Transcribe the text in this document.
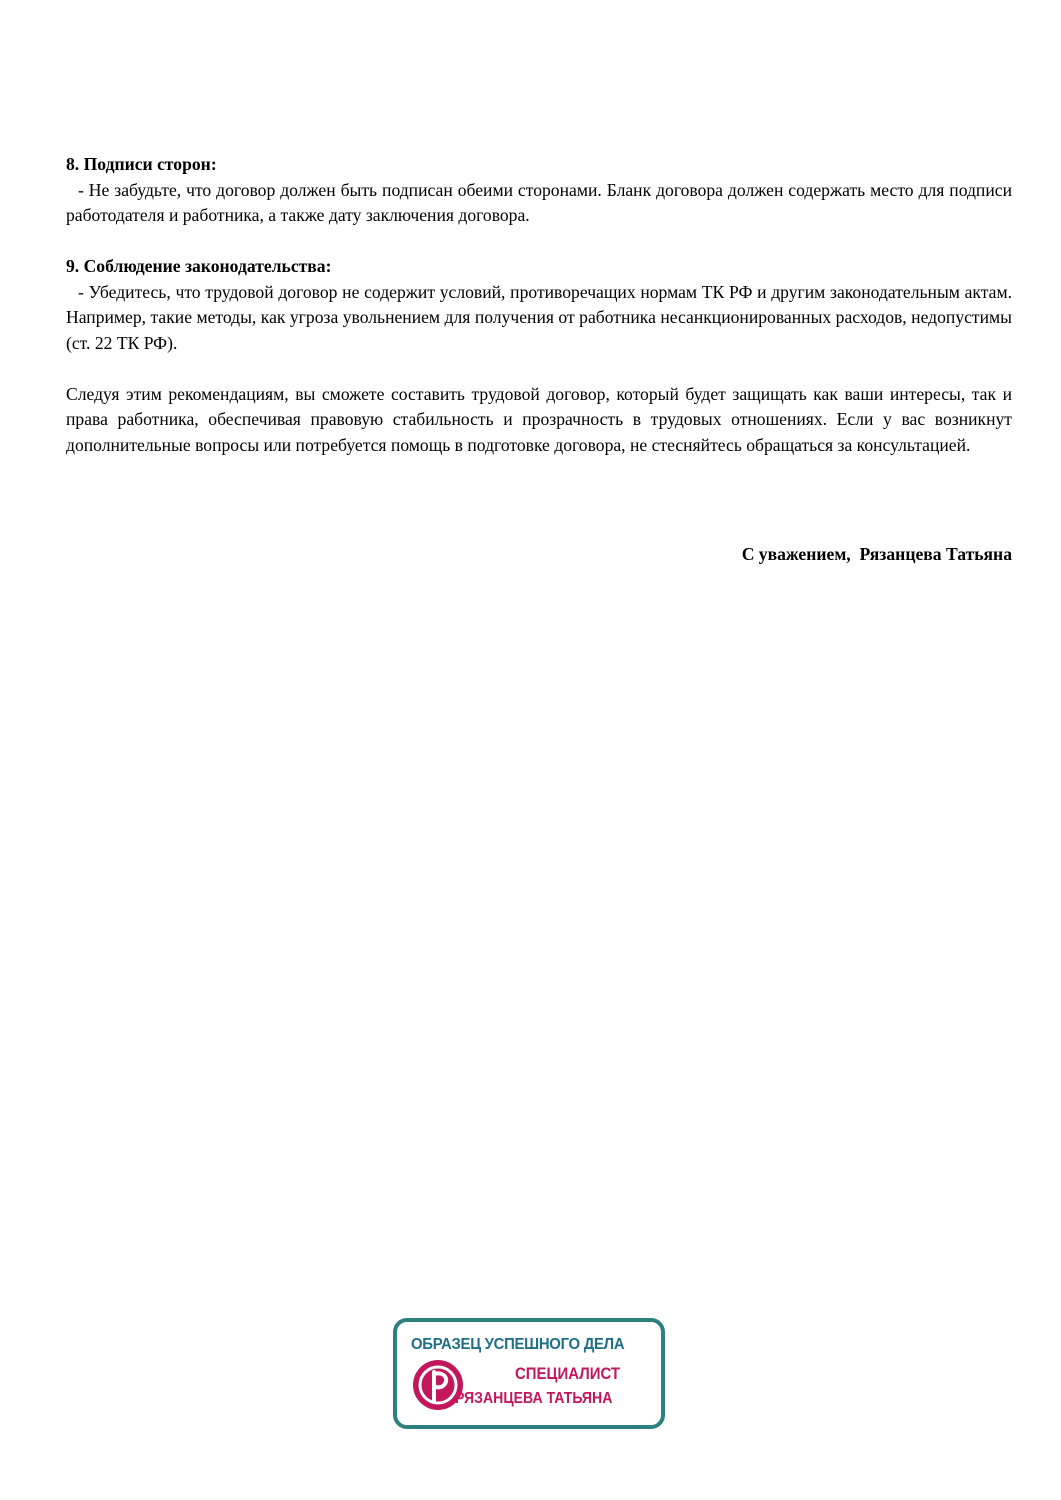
8. Подписи сторон:

- Не забудьте, что договор должен быть подписан обеими сторонами. Бланк договора должен содержать место для подписи работодателя и работника, а также дату заключения договора.

9. Соблюдение законодательства:

- Убедитесь, что трудовой договор не содержит условий, противоречащих нормам ТК РФ и другим законодательным актам. Например, такие методы, как угроза увольнением для получения от работника несанкционированных расходов, недопустимы (ст. 22 ТК РФ).

Следуя этим рекомендациям, вы сможете составить трудовой договор, который будет защищать как ваши интересы, так и права работника, обеспечивая правовую стабильность и прозрачность в трудовых отношениях. Если у вас возникнут дополнительные вопросы или потребуется помощь в подготовке договора, не стесняйтесь обращаться за консультацией.

С уважением,  Рязанцева Татьяна
ОБРАЗЕЦ УСПЕШНОГО ДЕЛА
СПЕЦИАЛИСТ
РЯЗАНЦЕВА ТАТЬЯНА
